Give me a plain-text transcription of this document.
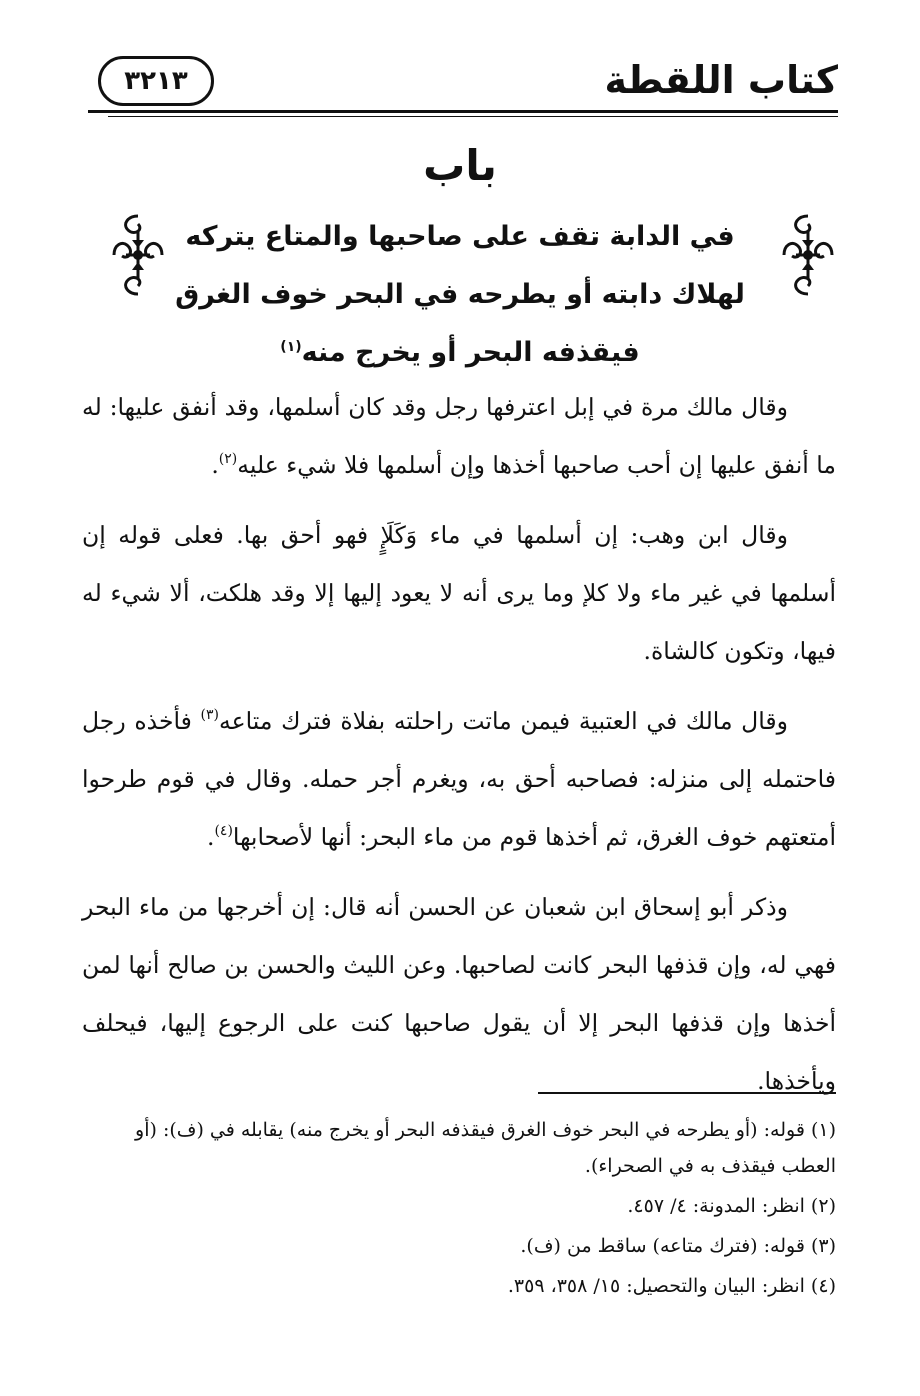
كتاب اللقطة
٣٢١٣
باب
في الدابة تقف على صاحبها والمتاع يتركه
لهلاك دابته أو يطرحه في البحر خوف الغرق
فيقذفه البحر أو يخرج منه$^{(١)}$

وقال مالك مرة في إبل اعترفها رجل وقد كان أسلمها، وقد أنفق عليها: له ما أنفق عليها إن أحب صاحبها أخذها وإن أسلمها فلا شيء عليه$^{(٢)}$.

وقال ابن وهب: إن أسلمها في ماء وَكَلَإٍ فهو أحق بها. فعلى قوله إن أسلمها في غير ماء ولا كلإ وما يرى أنه لا يعود إليها إلا وقد هلكت، ألا شيء له فيها، وتكون كالشاة.

وقال مالك في العتبية فيمن ماتت راحلته بفلاة فترك متاعه$^{(٣)}$ فأخذه رجل فاحتمله إلى منزله: فصاحبه أحق به، ويغرم أجر حمله. وقال في قوم طرحوا أمتعتهم خوف الغرق، ثم أخذها قوم من ماء البحر: أنها لأصحابها$^{(٤)}$.

وذكر أبو إسحاق ابن شعبان عن الحسن أنه قال: إن أخرجها من ماء البحر فهي له، وإن قذفها البحر كانت لصاحبها. وعن الليث والحسن بن صالح أنها لمن أخذها وإن قذفها البحر إلا أن يقول صاحبها كنت على الرجوع إليها، فيحلف ويأخذها.

(١) قوله: (أو يطرحه في البحر خوف الغرق فيقذفه البحر أو يخرج منه) يقابله في (ف): (أو العطب فيقذف به في الصحراء).
(٢) انظر: المدونة: ٤/ ٤٥٧.
(٣) قوله: (فترك متاعه) ساقط من (ف).
(٤) انظر: البيان والتحصيل: ١٥/ ٣٥٨، ٣٥٩.
